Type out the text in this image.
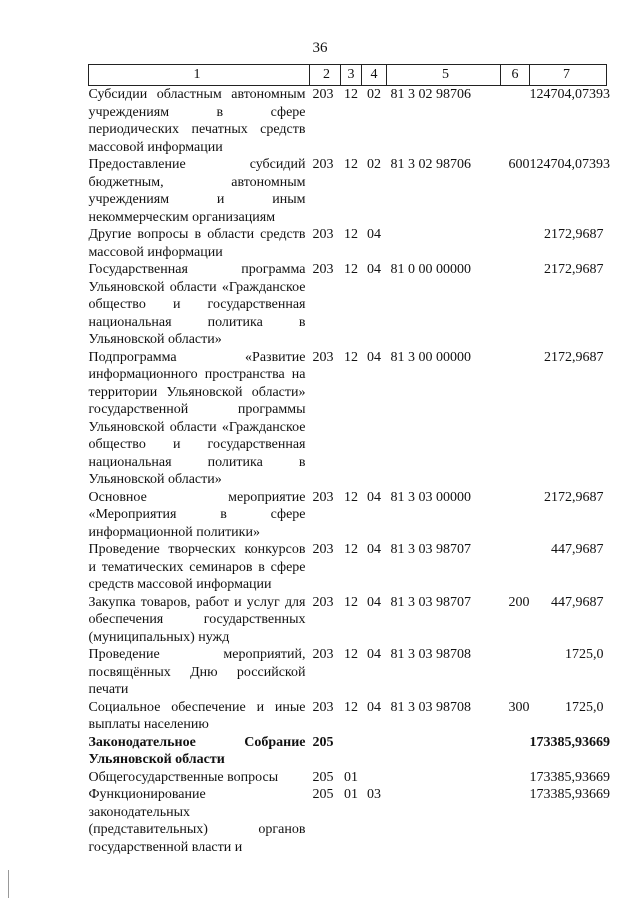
36
1	2	3	4	5	6	7
Субсидии областным автономным учреждениям в сфере периодических печатных средств массовой информации	203	12	02	81 3 02 98706		124704,07393
Предоставление субсидий бюджетным, автономным учреждениям и иным некоммерческим организациям	203	12	02	81 3 02 98706	600	124704,07393
Другие вопросы в области средств массовой информации	203	12	04			2172,9687
Государственная программа Ульяновской области «Гражданское общество и государственная национальная политика в Ульяновской области»	203	12	04	81 0 00 00000		2172,9687
Подпрограмма «Развитие информационного пространства на территории Ульяновской области» государственной программы Ульяновской области «Гражданское общество и государственная национальная политика в Ульяновской области»	203	12	04	81 3 00 00000		2172,9687
Основное мероприятие «Мероприятия в сфере информационной политики»	203	12	04	81 3 03 00000		2172,9687
Проведение творческих конкурсов и тематических семинаров в сфере средств массовой информации	203	12	04	81 3 03 98707		447,9687
Закупка товаров, работ и услуг для обеспечения государственных (муниципальных) нужд	203	12	04	81 3 03 98707	200	447,9687
Проведение мероприятий, посвящённых Дню российской печати	203	12	04	81 3 03 98708		1725,0
Социальное обеспечение и иные выплаты населению	203	12	04	81 3 03 98708	300	1725,0
Законодательное Собрание Ульяновской области	205					173385,93669
Общегосударственные вопросы	205	01				173385,93669
Функционирование законодательных (представительных) органов государственной власти и	205	01	03			173385,93669
